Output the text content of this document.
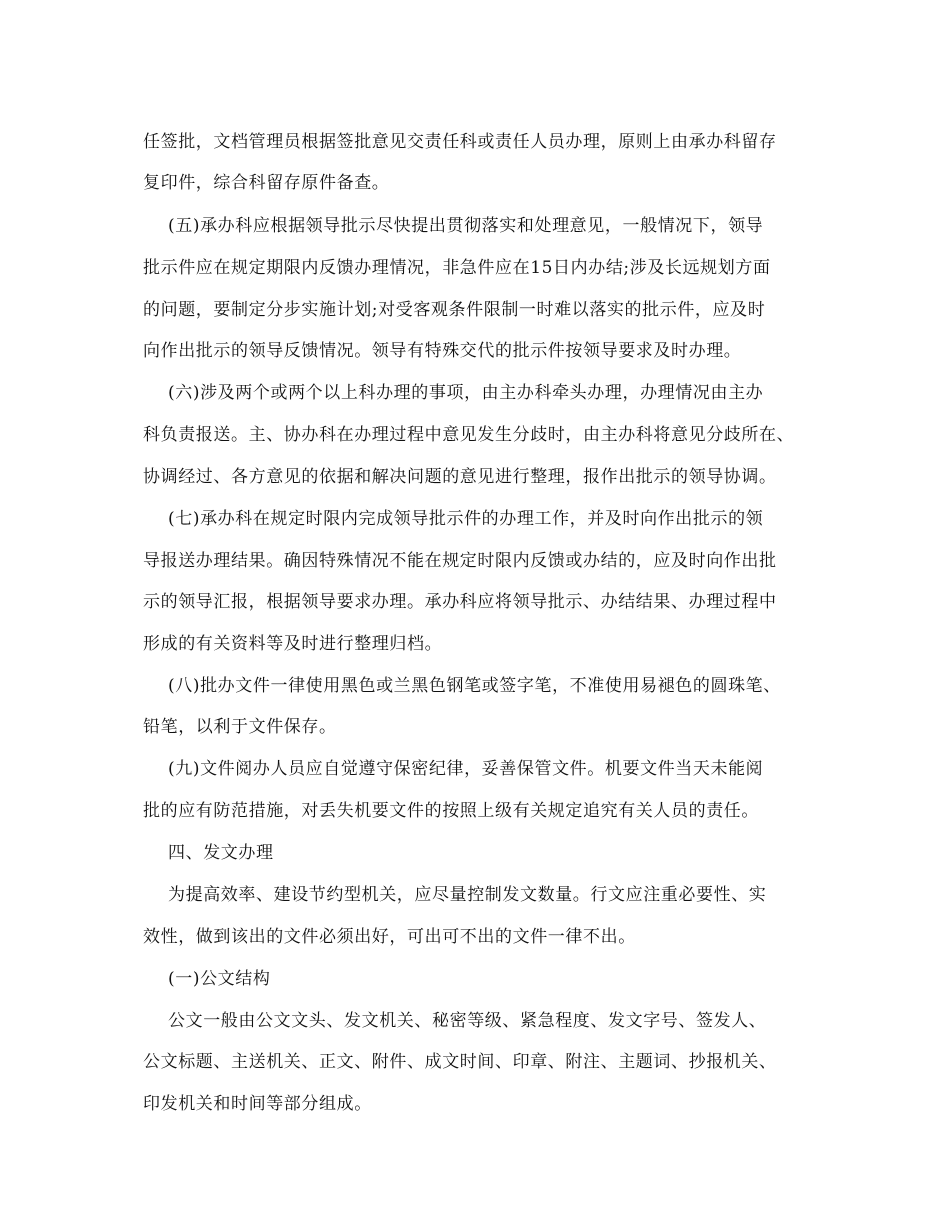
任签批，文档管理员根据签批意见交责任科或责任人员办理，原则上由承办科留存
复印件，综合科留存原件备查。
(五)承办科应根据领导批示尽快提出贯彻落实和处理意见，一般情况下，领导
批示件应在规定期限内反馈办理情况，非急件应在15日内办结;涉及长远规划方面
的问题，要制定分步实施计划;对受客观条件限制一时难以落实的批示件，应及时
向作出批示的领导反馈情况。领导有特殊交代的批示件按领导要求及时办理。
(六)涉及两个或两个以上科办理的事项，由主办科牵头办理，办理情况由主办
科负责报送。主、协办科在办理过程中意见发生分歧时，由主办科将意见分歧所在、
协调经过、各方意见的依据和解决问题的意见进行整理，报作出批示的领导协调。
(七)承办科在规定时限内完成领导批示件的办理工作，并及时向作出批示的领
导报送办理结果。确因特殊情况不能在规定时限内反馈或办结的，应及时向作出批
示的领导汇报，根据领导要求办理。承办科应将领导批示、办结结果、办理过程中
形成的有关资料等及时进行整理归档。
(八)批办文件一律使用黑色或兰黑色钢笔或签字笔，不准使用易褪色的圆珠笔、
铅笔，以利于文件保存。
(九)文件阅办人员应自觉遵守保密纪律，妥善保管文件。机要文件当天未能阅
批的应有防范措施，对丢失机要文件的按照上级有关规定追究有关人员的责任。
四、发文办理
为提高效率、建设节约型机关，应尽量控制发文数量。行文应注重必要性、实
效性，做到该出的文件必须出好，可出可不出的文件一律不出。
(一)公文结构
公文一般由公文文头、发文机关、秘密等级、紧急程度、发文字号、签发人、
公文标题、主送机关、正文、附件、成文时间、印章、附注、主题词、抄报机关、
印发机关和时间等部分组成。
